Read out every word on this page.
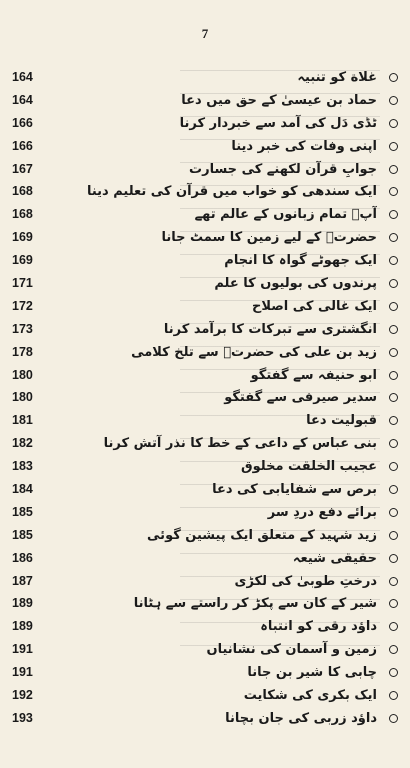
7
164	غلاة کو تنبیہ
164	حماد بن عیسیٰ کے حق میں دعا
166	ٹڈی دَل کی آمد سے خبردار کرنا
166	اپنی وفات کی خبر دینا
167	جوابِ قرآن لکھنے کی جسارت
168	ایک سندھی کو خواب میں قرآن کی تعلیم دینا
168	آپؑ تمام زبانوں کے عالم تھے
169	حضرتؑ کے لیے زمین کا سمٹ جانا
169	ایک جھوٹے گواہ کا انجام
171	پرندوں کی بولیوں کا علم
172	ایک غالی کی اصلاح
173	انگشتری سے تبرکات کا برآمد کرنا
178	زید بن علی کی حضرتؑ سے تلخ کلامی
180	ابو حنیفہ سے گفتگو
180	سدیر صیرفی سے گفتگو
181	قبولیت دعا
182	بنی عباس کے داعی کے خط کا نذر آتش کرنا
183	عجیب الخلقت مخلوق
184	برص سے شفایابی کی دعا
185	برائے دفع دردِ سر
185	زید شہید کے متعلق ایک پیشین گوئی
186	حقیقی شیعہ
187	درختِ طوبیٰ کی لکڑی
189	شیر کے کان سے پکڑ کر راستے سے ہٹانا
189	داؤد رقی کو انتباہ
191	زمین و آسمان کی نشانیاں
191	چابی کا شیر بن جانا
192	ایک بکری کی شکایت
193	داؤد زربی کی جان بچانا
